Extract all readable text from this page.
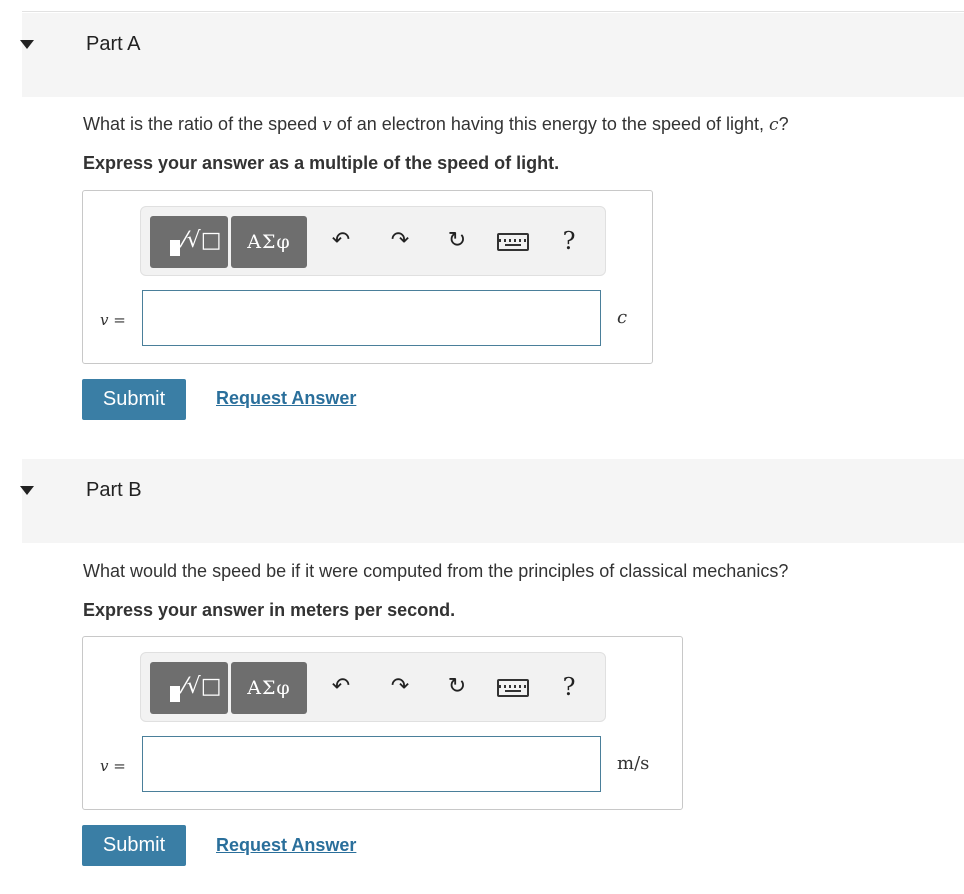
Part A
What is the ratio of the speed v of an electron having this energy to the speed of light, c?
Express your answer as a multiple of the speed of light.
⁄√□	ΑΣφ	↶ ↷ ↻	?
v =	c
Submit	Request Answer
Part B
What would the speed be if it were computed from the principles of classical mechanics?
Express your answer in meters per second.
⁄√□	ΑΣφ	↶ ↷ ↻	?
v =	m/s
Submit	Request Answer
